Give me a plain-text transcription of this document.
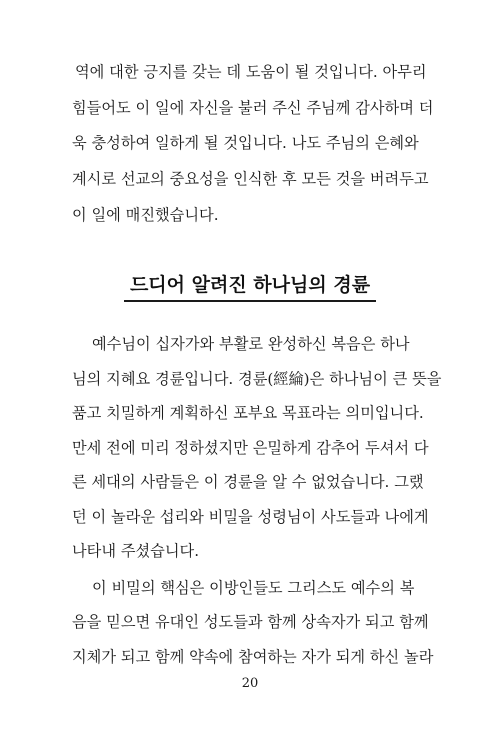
역에 대한 긍지를 갖는 데 도움이 될 것입니다. 아무리
힘들어도 이 일에 자신을 불러 주신 주님께 감사하며 더
욱 충성하여 일하게 될 것입니다. 나도 주님의 은혜와
계시로 선교의 중요성을 인식한 후 모든 것을 버려두고
이 일에 매진했습니다.
드디어 알려진 하나님의 경륜
예수님이 십자가와 부활로 완성하신 복음은 하나
님의 지혜요 경륜입니다. 경륜(經綸)은 하나님이 큰 뜻을
품고 치밀하게 계획하신 포부요 목표라는 의미입니다.
만세 전에 미리 정하셨지만 은밀하게 감추어 두셔서 다
른 세대의 사람들은 이 경륜을 알 수 없었습니다. 그랬
던 이 놀라운 섭리와 비밀을 성령님이 사도들과 나에게
나타내 주셨습니다.
이 비밀의 핵심은 이방인들도 그리스도 예수의 복
음을 믿으면 유대인 성도들과 함께 상속자가 되고 함께
지체가 되고 함께 약속에 참여하는 자가 되게 하신 놀라
20
